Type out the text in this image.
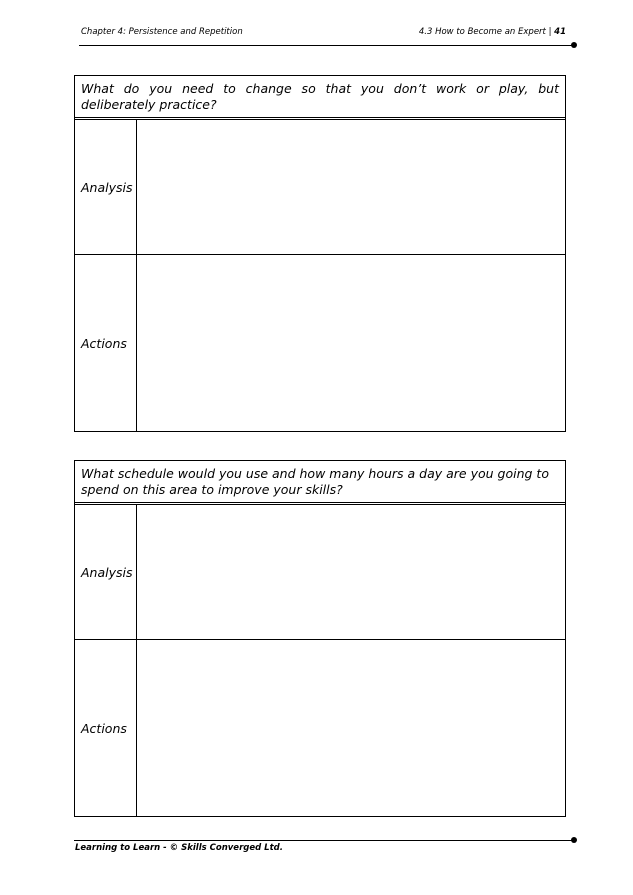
Chapter 4: Persistence and Repetition	4.3 How to Become an Expert | 41
What do you need to change so that you don’t work or play, but deliberately practice?
Analysis
Actions
What schedule would you use and how many hours a day are you going to spend on this area to improve your skills?
Analysis
Actions
Learning to Learn - © Skills Converged Ltd.
